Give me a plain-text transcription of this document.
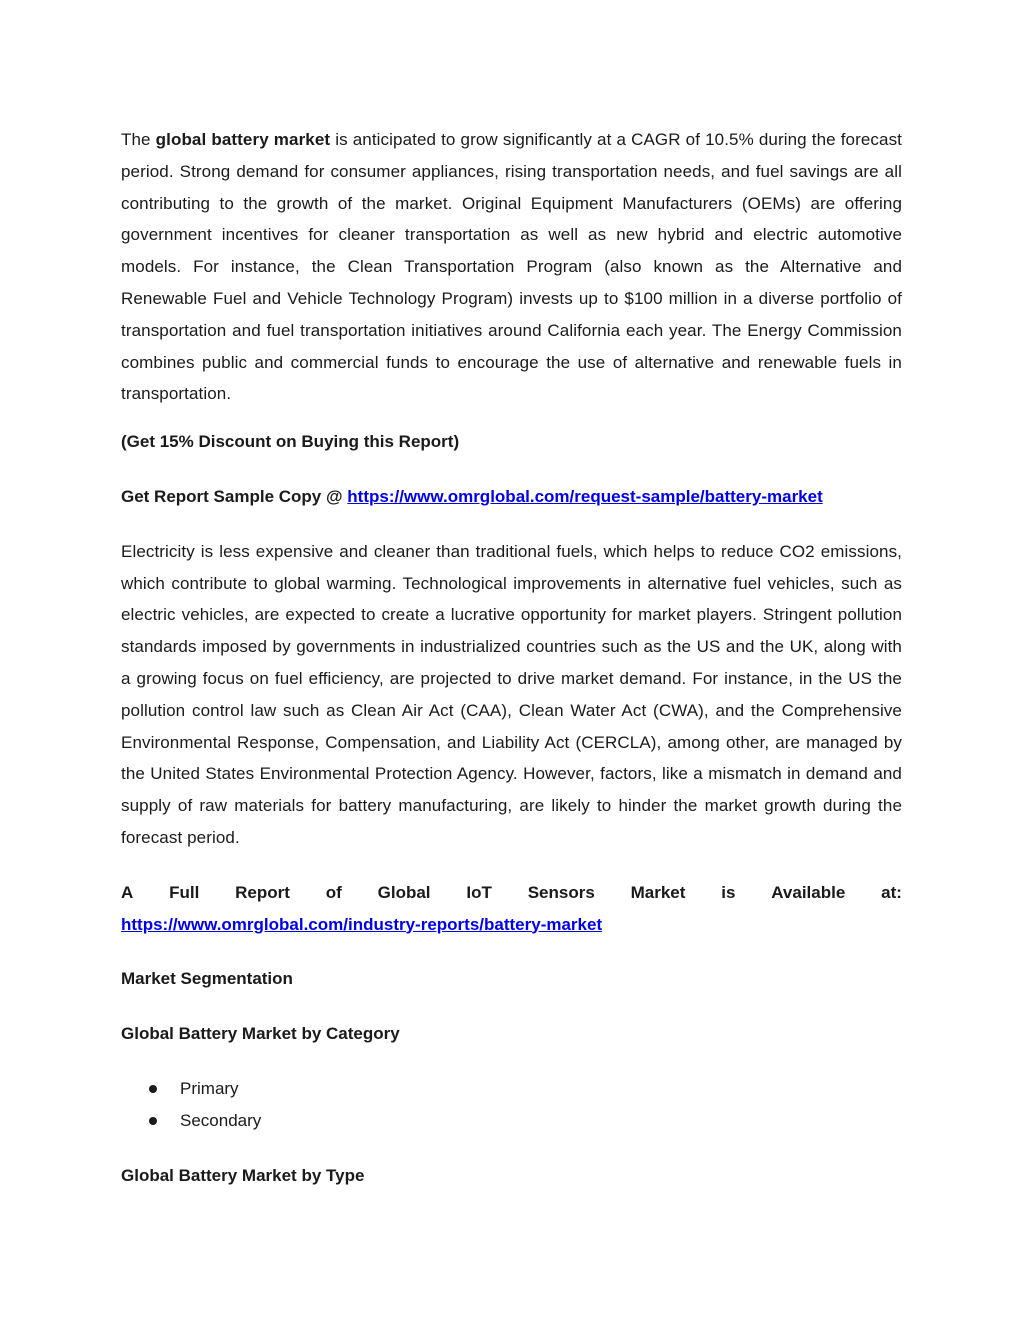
The global battery market is anticipated to grow significantly at a CAGR of 10.5% during the forecast period. Strong demand for consumer appliances, rising transportation needs, and fuel savings are all contributing to the growth of the market. Original Equipment Manufacturers (OEMs) are offering government incentives for cleaner transportation as well as new hybrid and electric automotive models. For instance, the Clean Transportation Program (also known as the Alternative and Renewable Fuel and Vehicle Technology Program) invests up to $100 million in a diverse portfolio of transportation and fuel transportation initiatives around California each year. The Energy Commission combines public and commercial funds to encourage the use of alternative and renewable fuels in transportation.

(Get 15% Discount on Buying this Report)

Get Report Sample Copy @ https://www.omrglobal.com/request-sample/battery-market

Electricity is less expensive and cleaner than traditional fuels, which helps to reduce CO2 emissions, which contribute to global warming. Technological improvements in alternative fuel vehicles, such as electric vehicles, are expected to create a lucrative opportunity for market players. Stringent pollution standards imposed by governments in industrialized countries such as the US and the UK, along with a growing focus on fuel efficiency, are projected to drive market demand. For instance, in the US the pollution control law such as Clean Air Act (CAA), Clean Water Act (CWA), and the Comprehensive Environmental Response, Compensation, and Liability Act (CERCLA), among other, are managed by the United States Environmental Protection Agency. However, factors, like a mismatch in demand and supply of raw materials for battery manufacturing, are likely to hinder the market growth during the forecast period.

A Full Report of Global IoT Sensors Market is Available at:
https://www.omrglobal.com/industry-reports/battery-market

Market Segmentation

Global Battery Market by Category

Primary
Secondary

Global Battery Market by Type
